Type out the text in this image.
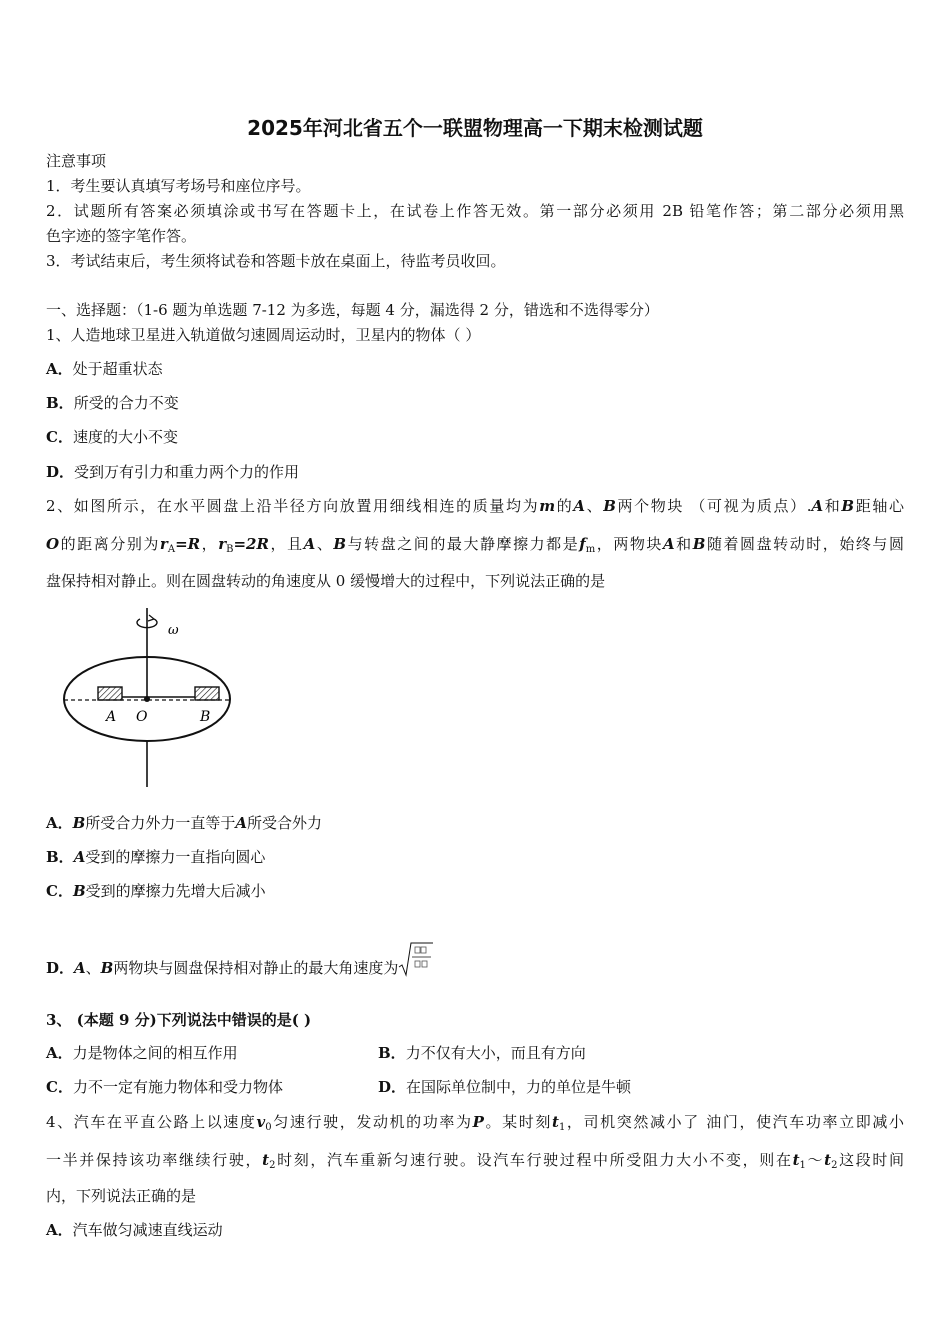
2025年河北省五个一联盟物理高一下期末检测试题
注意事项
1．考生要认真填写考场号和座位序号。
2．试题所有答案必须填涂或书写在答题卡上，在试卷上作答无效。第一部分必须用 2B 铅笔作答；第二部分必须用黑
色字迹的签字笔作答。
3．考试结束后，考生须将试卷和答题卡放在桌面上，待监考员收回。
一、选择题：（1-6 题为单选题 7-12 为多选，每题 4 分，漏选得 2 分，错选和不选得零分）
1、人造地球卫星进入轨道做匀速圆周运动时，卫星内的物体（ ）
A．处于超重状态
B．所受的合力不变
C．速度的大小不变
D．受到万有引力和重力两个力的作用
2、如图所示，在水平圆盘上沿半径方向放置用细线相连的质量均为m的A、B两个物块 （可视为质点）.A和B距轴心
O的距离分别为$r_A=R$，$r_B=2R$，且A、B与转盘之间的最大静摩擦力都是$f_m$，两物块A和B随着圆盘转动时，始终与圆
盘保持相对静止。则在圆盘转动的角速度从 0 缓慢增大的过程中，下列说法正确的是
ω
A O	B
A．B所受合力外力一直等于A所受合外力
B．A受到的摩擦力一直指向圆心
C．B受到的摩擦力先增大后减小
D．A、B两物块与圆盘保持相对静止的最大角速度为
3、 (本题 9 分)下列说法中错误的是( )
A．力是物体之间的相互作用	B．力不仅有大小，而且有方向
C．力不一定有施力物体和受力物体	D．在国际单位制中，力的单位是牛顿
4、汽车在平直公路上以速度$v_0$匀速行驶，发动机的功率为P。某时刻$t_1$，司机突然减小了 油门，使汽车功率立即减小
一半并保持该功率继续行驶，$t_2$时刻，汽车重新匀速行驶。设汽车行驶过程中所受阻力大小不变，则在$t_1\sim t_2$这段时间
内，下列说法正确的是
A．汽车做匀减速直线运动
